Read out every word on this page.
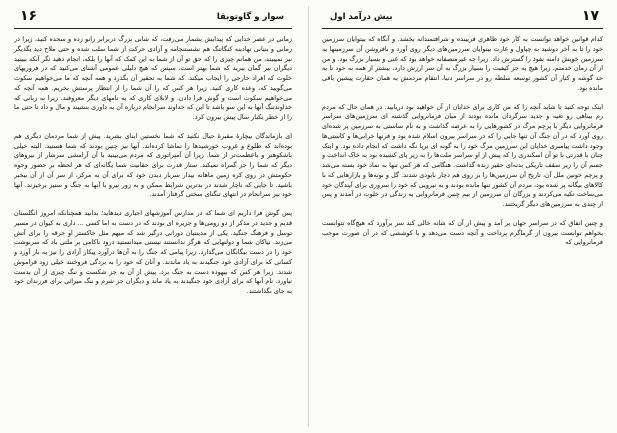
۱۷
بیش درآمد اول

کدام قوانین خواهد توانست به کار خود ظاهری فریبنده و شرافتمندانه بخشد. و آنگاه که بیتوایان سرزمین خود را تا به آخر دوشید به چپاول و غارت بیتوایان سرزمین‌های دیگر روی آورد و بافروشن آن سرزمینها به سرزمین خویش دامنه نفوذ را گسترش داد. زیرا چه غیرمنصفانه خواهد بود که غنی و بسیار بزرگ بود. و من از آن زمان خدمتم، زیرا هیچ به جز کیفیت را بسیار بزرگ به آن سر ارزش دارد، بیشتر از همه به خود تا به حد گوشه و کنار آن کشور توسعه سلطه رو در سراسر دنیا، انتقام مردمش به همان حقارت پیشین باقی مانده بود.

اینک توجه کنید تا شاید آنچه را که من کاری برای خدایان از آن خواهید بود دریابید. در همان حال که مردم رم بیناهی رو تغیه و جدید سرگردان مانده بودند از میان فرمانروایی گذشته ای سرزمین‌های سراسر فرمانروایی دیگر با پرچم مرگ در کشورهایی را به عرصه گذاشت و به نام ساستی به سرزمین پر شده‌ای روی آورد که در آن جنگ آن تنها جایی را که در سراسر بیرون اسلام شده بود و قرنها خرابی‌ها و کاستی‌ها وجود داشت پیامبری خدایان این سرزمین مرگ خود را به گونه ای برپا نگه داشت که انجام داده بود. و اینک چنان با قدرتی با تو آن اسکندری را که پیش از او سراسر ملت‌ها را به زیر پای کشیده بود به خاک انداخت و جسم آن را زیر سقف تاریکی بدنه‌ای حقیر زنده گذاشت. هنگامی که هر کس تنها به نماد خود بسته می‌شد و پرچم خونین ملل آن، تاریخ آن سرزمین‌ها را بر روی هم دچار نابودی شدند. گل و بوته‌ها و بازارهایی که با کالاهای بیگانه پر شده بود، مردم آن کشور تنها مانده بودند و به نیرویی که خود را سروری برای آیندگان خود می‌ساخت تکیه می‌کردند و بزرگان آن سرزمین از بیم چنین فرمانروایی به زندگی در خلوت در آمدند و پس از چندی به سرزمین‌های دیگر گریختند.

و چنین اتفاق که در سراسر جهان بر آمد و پیش از آن که شانه خالی کند سر برآورد که هیچ‌گاه نتوانست بخواهم توانست بیرون از گرما‌گرم پرداخت و آنچه دست می‌دهد و با کوششی که در آن صورت موجب فرمانروایی که

۱۶	سوار و گاوتوبقا

زمانی در عصر خدایی که پیدایش بشمار می‌رفت، که شانی بزرگ دربرابر زانو زده و سجده کنید، زیرا در زمانی و بنیانی نهادینه کنگاتنگ هم نشستنجامه و آزادی حرکت از شما سلب شده و حتی ملاح دید یگدیگر نیز نمیبیند، من همانم چیزی را که حق تو آن از شما به این کمک که آنها را بلکه، انجام دهید نگر آنکه بیینید دیگران نیز گمان ببرید که شما بهتر است. سپس که هیچ دلیلی عمومی آشنای می‌کنید که در فروریهای خلوت که افراد خارجی را ایجاب میکند. که شما به تحقیر آن بگذرد و همه آنچه که ما می‌خواهیم سکوت می‌گویید که، وعده کاری کنید. زیرا هر کس که را آن شما را از انتظار پرستش بخریم. همه آنچه که می‌خواهیم سکوت است و گوش فرا دادن. و لابلای کاری که به نامهای دیگر معروفند، زیرا به زبانی که خداوندتنگ آنها به این سو باشد تا این که خداوند سرانجام درباره آن به داوری بنشیند و مال و داد تا حتی ما را از خطر یکبار سال پیش بیرون کرد.

ای بازماندگان بیچارۀ مقبرۀ حیال نکنید که شما نخستین اینای بشرید. پیش از شما مردمان دیگری هم بوده‌اند که طلوع و غروب خورشیدها را تماشا کرده‌اند. آنها نیز چنین بودند که شما هستید. البته خیلی باشکوهتر و باعظمت‌تر از شما. زیرا آن آمپراتوری که مردم می‌بینید با آن آرامشی سرشار از نیروهای دیگر که شما را جز گمراه نمیکند. ستار قدرت برای حقانیت شما یگانه‌ای که هر لحظه بر حضور وجوه حکومتش در روی کره زمین ‌ماهانه بیدار سربار دیدن خود که برای آن به مرکز، از سر آن از آن بیخبر باشید. تا جایی که ناچار شدند در بدترین شرایط ممکن و به زور نیرو با آنها به جنگ و ستیز برخیزند. آنها خود نیز سرانجام در انتهای تنگنای سختی گرفتار آمدند.

پس گوش فرا داریم ای شما که در مدارس آموزشهای اجباری دیدهاید؛ بدانید همچنانکه امروز انگلستان قدیم و جدید در مذکر از دو رومی‌ها و جزیره ای بودند که در دست به اما کسی ... داری به کیوان در مسیر توسل و فرهنگ جنگید. یکی از مدینتیان دورانی درگیر شد که مبهم مثل خاکستر او جرقه را برای آتش می‌زند. نیاکان شما و دولتهایی که هرگز ندانستند نیستی میدانستید درود ناکامی بر ملتی باد که سرنوشت خود را در دست بیگانگان می‌گذارد. زیرا پیامی که جنگ را به آن‌ها درآورد پیکار آزادی را نیز به بار آورد و کسانی که برای آزادی خود جنگیدند به یاد ماندند. و آنان که خود را به بردگی فروختند خیلی زود فراموش شدند. زیرا هر کس که بیهوده دست به جنگ برد، پیش از آن به جز شکست و ننگ چیزی از آن بدست نیاورد. نام آنها که برای آزادی خود جنگیدند به یاد ماند و دیگران جز شرم و ننگ میراثی برای فرزندان خود به جای نگذاشتند.
